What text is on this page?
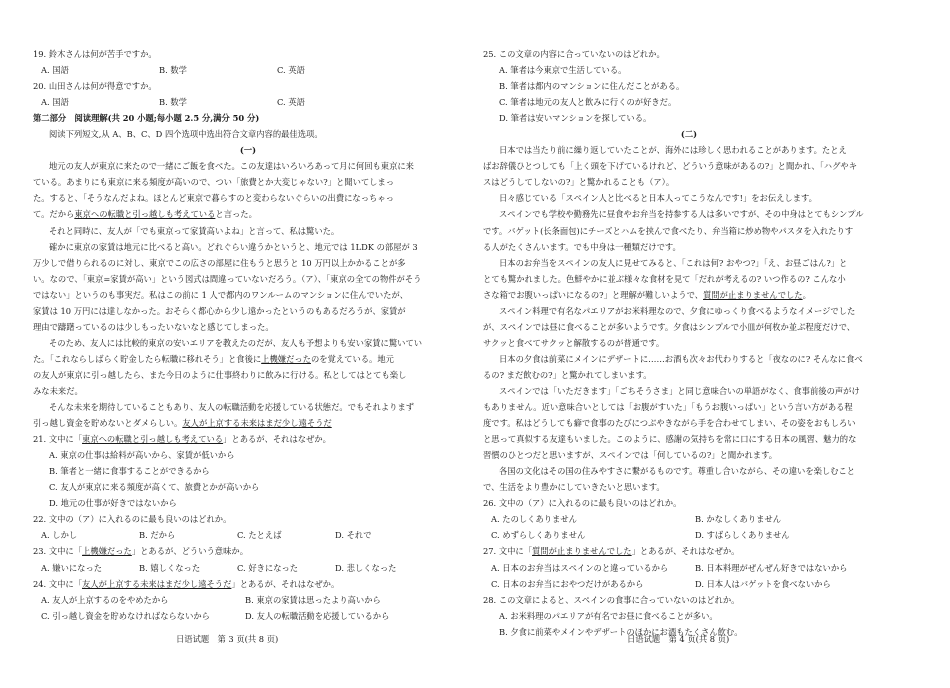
19. 鈴木さんは何が苦手ですか。
A. 国語	B. 数学	C. 英語
20. 山田さんは何が得意ですか。
A. 国語	B. 数学	C. 英語
第二部分　阅读理解(共 20 小题;每小题 2.5 分,满分 50 分)
阅读下列短文,从 A、B、C、D 四个选项中选出符合文章内容的最佳选项。
(一)
地元の友人が東京に来たので一緒にご飯を食べた。この友達はいろいろあって月に何回も東京に来
ている。あまりにも東京に来る頻度が高いので、つい「旅費とか大変じゃない?」と聞いてしまっ
た。すると、「そうなんだよね。ほとんど東京で暮らすのと変わらないぐらいの出費になっちゃっ
て。だから東京への転職と引っ越しも考えていると言った。
それと同時に、友人が「でも東京って家賃高いよね」と言って、私は驚いた。
確かに東京の家賃は地元に比べると高い。どれぐらい違うかというと、地元では 1LDK の部屋が 3
万少しで借りられるのに対し、東京でこの広さの部屋に住もうと思うと 10 万円以上かかることが多
い。なので、「東京=家賃が高い」という図式は間違っていないだろう。（ア）、「東京の全ての物件がそう
ではない」というのも事実だ。私はこの前に 1 人で都内のワンルームのマンションに住んでいたが、
家賃は 10 万円には達しなかった。おそらく都心から少し遠かったというのもあるだろうが、家賃が
理由で躊躇っているのは少しもったいないなと感じてしまった。
そのため、友人には比較的東京の安いエリアを教えたのだが、友人も予想よりも安い家賃に驚いてい
た。「これならしばらく貯金したら転職に移れそう」と食後に上機嫌だったのを覚えている。地元
の友人が東京に引っ越したら、また今日のように仕事終わりに飲みに行ける。私としてはとても楽し
みな未来だ。
そんな未来を期待していることもあり、友人の転職活動を応援している状態だ。でもそれよりまず
引っ越し資金を貯めないとダメらしい。友人が上京する未来はまだ少し遠そうだ
21. 文中に「東京への転職と引っ越しも考えている」とあるが、それはなぜか。
A. 東京の仕事は給料が高いから、家賃が低いから
B. 筆者と一緒に食事することができるから
C. 友人が東京に来る頻度が高くて、旅費とかが高いから
D. 地元の仕事が好きではないから
22. 文中の（ア）に入れるのに最も良いのはどれか。
A. しかし	B. だから	C. たとえば	D. それで
23. 文中に「上機嫌だった」とあるが、どういう意味か。
A. 嫌いになった	B. 嬉しくなった	C. 好きになった	D. 悲しくなった
24. 文中に「友人が上京する未来はまだ少し遠そうだ」とあるが、それはなぜか。
A. 友人が上京するのをやめたから	B. 東京の家賃は思ったより高いから
C. 引っ越し資金を貯めなければならないから	D. 友人の転職活動を応援しているから
25. この文章の内容に合っていないのはどれか。
A. 筆者は今東京で生活している。
B. 筆者は都内のマンションに住んだことがある。
C. 筆者は地元の友人と飲みに行くのが好きだ。
D. 筆者は安いマンションを探している。
(二)
日本では当たり前に繰り返していたことが、海外には珍しく思われることがあります。たとえ
ばお辞儀ひとつしても「上く頭を下げているけれど、どういう意味があるの?」と聞かれ、「ハグやキ
スはどうしてしないの?」と驚かれることも（ア）。
日々感じている「スペイン人と比べると日本人ってこうなんです!」をお伝えします。
スペインでも学校や勤務先に昼食やお弁当を持参する人は多いですが、その中身はとてもシンプル
です。バゲット(长条面包)にチーズとハムを挟んで食べたり、弁当箱に炒め物やパスタを入れたりす
る人がたくさんいます。でも中身は一種類だけです。
日本のお弁当をスペインの友人に見せてみると、「これは何? おやつ?」「え、お昼ごはん?」と
とても驚かれました。色鮮やかに並ぶ様々な食材を見て「だれが考えるの? いつ作るの? こんな小
さな箱でお腹いっぱいになるの?」と理解が難しいようで、質問が止まりませんでした。
スペイン料理で有名なパエリアがお米料理なので、夕食にゆっくり食べるようなイメージでした
が、スペインでは昼に食べることが多いようです。夕食はシンプルで小皿が何枚か並ぶ程度だけで、
サクッと食べてサクッと解散するのが普通です。
日本の夕食は前菜にメインにデザートに……お酒も次々お代わりすると「夜なのに? そんなに食べ
るの? まだ飲むの?」と驚かれてしまいます。
スペインでは「いただきます」「ごちそうさま」と同じ意味合いの単語がなく、食事前後の声がけ
もありません。近い意味合いとしては「お腹がすいた」「もうお腹いっぱい」という言い方がある程
度です。私はどうしても癖で食事のたびにつぶやきながら手を合わせてしまい、その姿をおもしろい
と思って真似する友達もいました。このように、感謝の気持ちを常に口にする日本の風習、魅力的な
習慣のひとつだと思いますが、スペインでは「何しているの?」と聞かれます。
各国の文化はその国の住みやすさに繋がるものです。尊重し合いながら、その違いを楽しむこと
で、生活をより豊かにしていきたいと思います。
26. 文中の（ア）に入れるのに最も良いのはどれか。
A. たのしくありません	B. かなしくありません
C. めずらしくありません	D. すばらしくありません
27. 文中に「質問が止まりませんでした」とあるが、それはなぜか。
A. 日本のお弁当はスペインのと違っているから	B. 日本料理がぜんぜん好きではないから
C. 日本のお弁当におやつだけがあるから	D. 日本人はバゲットを食べないから
28. この文章によると、スペインの食事に合っていないのはどれか。
A. お米料理のパエリアが有名でお昼に食べることが多い。
B. 夕食に前菜やメインやデザートのほかにお酒もたくさん飲む。
日语试题　第 3 页(共 8 页)	日语试题　第 4 页(共 8 页)
